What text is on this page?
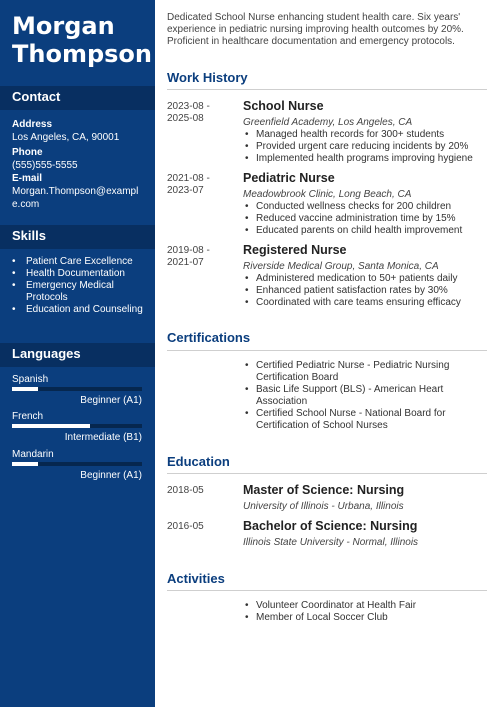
Morgan
Thompson
Contact
Address
Los Angeles, CA, 90001
Phone
(555)555-5555
E-mail
Morgan.Thompson@exampl
e.com
Skills
• Patient Care Excellence
• Health Documentation
• Emergency Medical Protocols
• Education and Counseling
Languages
Spanish
Beginner (A1)
French
Intermediate (B1)
Mandarin
Beginner (A1)
Dedicated School Nurse enhancing student health care. Six years' experience in pediatric nursing improving health outcomes by 20%. Proficient in healthcare documentation and emergency protocols.
Work History
2023-08 -
2025-08
School Nurse
Greenfield Academy, Los Angeles, CA
• Managed health records for 300+ students
• Provided urgent care reducing incidents by 20%
• Implemented health programs improving hygiene
2021-08 -
2023-07
Pediatric Nurse
Meadowbrook Clinic, Long Beach, CA
• Conducted wellness checks for 200 children
• Reduced vaccine administration time by 15%
• Educated parents on child health improvement
2019-08 -
2021-07
Registered Nurse
Riverside Medical Group, Santa Monica, CA
• Administered medication to 50+ patients daily
• Enhanced patient satisfaction rates by 30%
• Coordinated with care teams ensuring efficacy
Certifications
• Certified Pediatric Nurse - Pediatric Nursing Certification Board
• Basic Life Support (BLS) - American Heart Association
• Certified School Nurse - National Board for Certification of School Nurses
Education
2018-05	Master of Science: Nursing
University of Illinois - Urbana, Illinois
2016-05	Bachelor of Science: Nursing
Illinois State University - Normal, Illinois
Activities
• Volunteer Coordinator at Health Fair
• Member of Local Soccer Club
